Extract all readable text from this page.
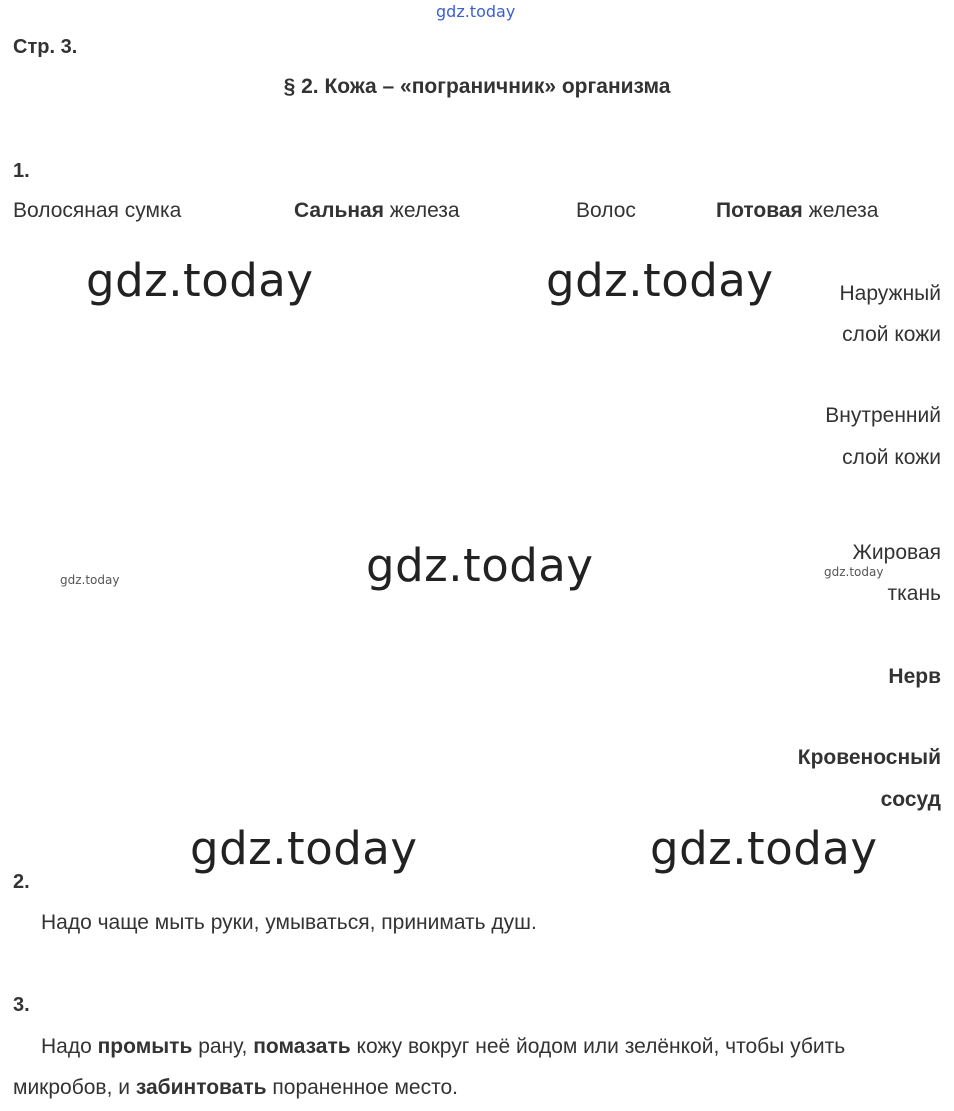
gdz.today
gdz.today	gdz.today
gdz.today
gdz.today
gdz.today
gdz.today	gdz.today
Стр. 3.
§ 2. Кожа – «пограничник» организма
1.
Волосяная сумка	Сальная железа	Волос	Потовая железа
Наружный
слой кожи
Внутренний
слой кожи
Жировая
ткань
Нерв
Кровеносный
сосуд
2.
Надо чаще мыть руки, умываться, принимать душ.
3.
Надо промыть рану, помазать кожу вокруг неё йодом или зелёнкой, чтобы убить
микробов, и забинтовать пораненное место.
